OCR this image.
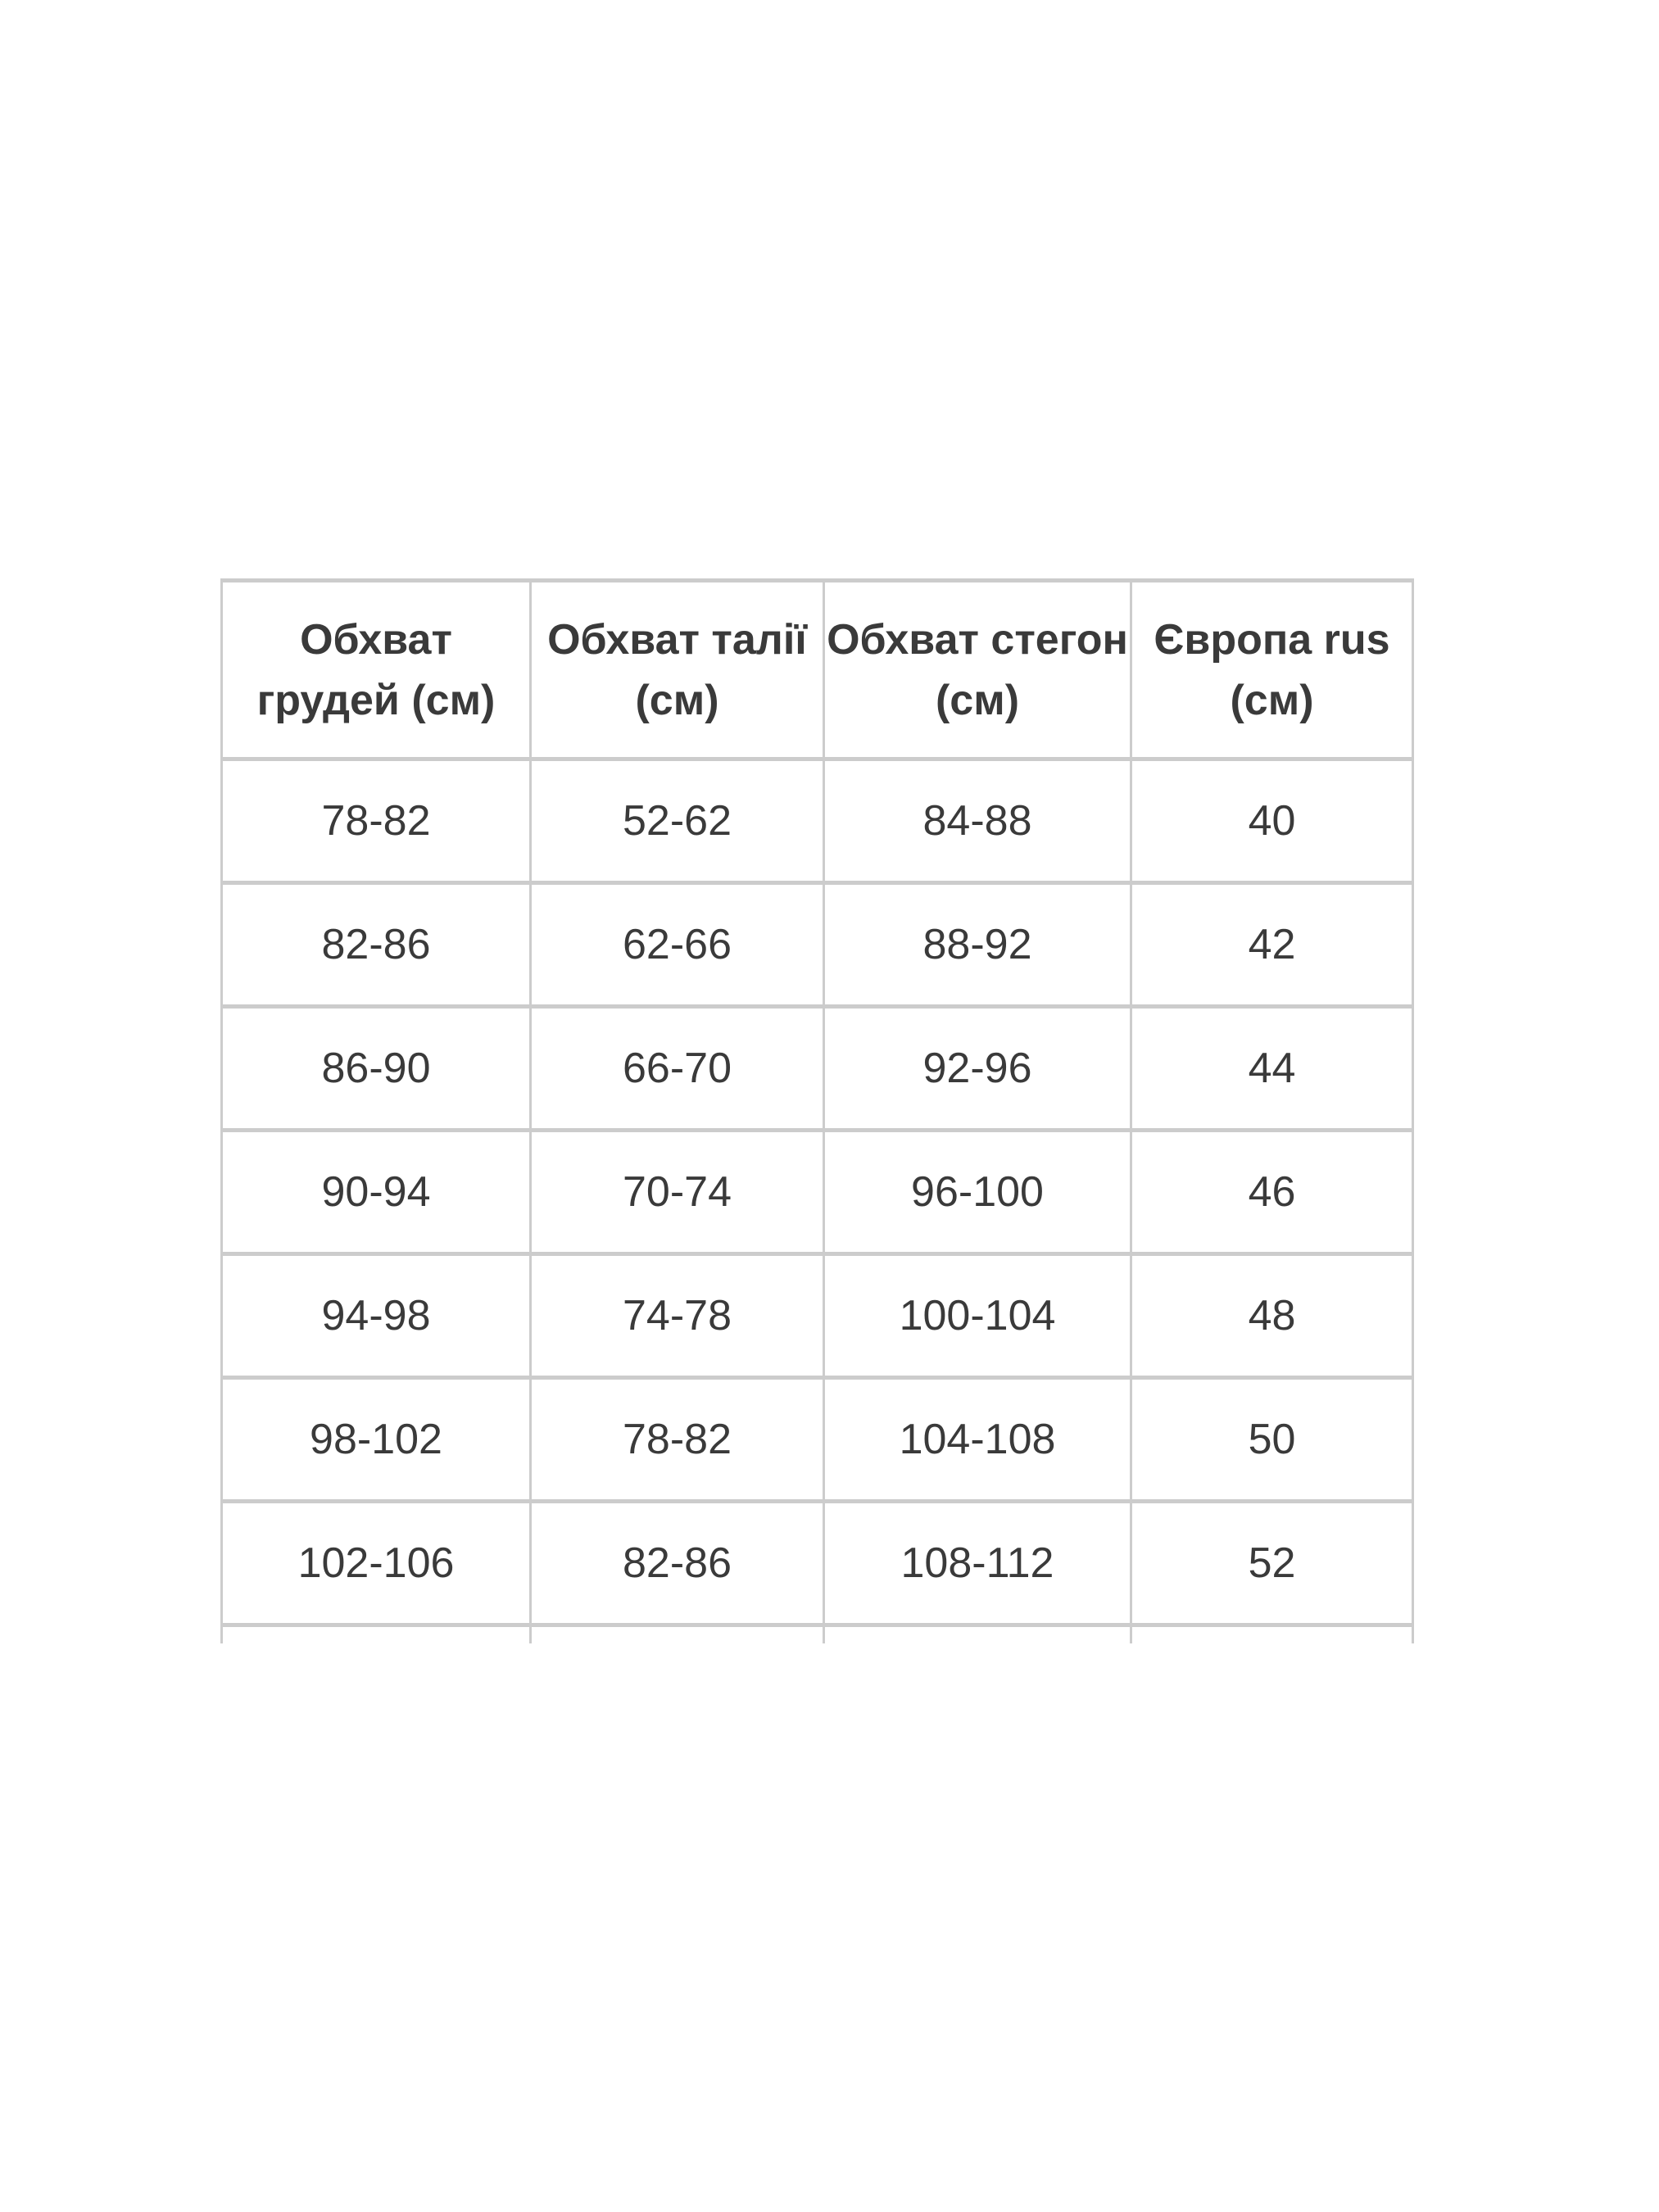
Обхват грудей (см)	Обхват талії (см)	Обхват стегон (см)	Європа rus (см)
78-82	52-62	84-88	40
82-86	62-66	88-92	42
86-90	66-70	92-96	44
90-94	70-74	96-100	46
94-98	74-78	100-104	48
98-102	78-82	104-108	50
102-106	82-86	108-112	52
